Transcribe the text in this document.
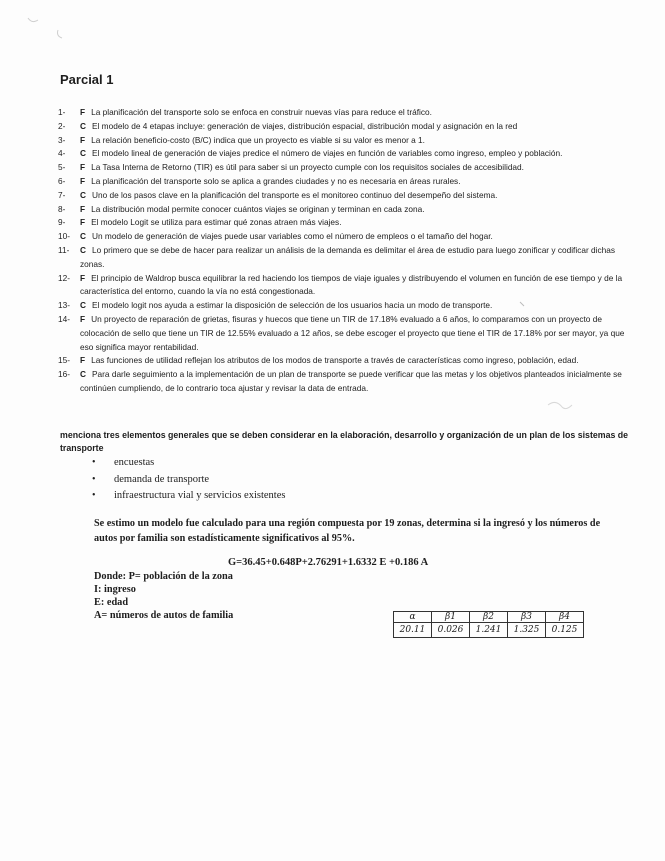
Parcial 1
1-	F La planificación del transporte solo se enfoca en construir nuevas vías para reduce el tráfico.
2-	C El modelo de 4 etapas incluye: generación de viajes, distribución espacial, distribución modal y asignación en la red
3-	F La relación beneficio-costo (B/C) indica que un proyecto es viable si su valor es menor a 1.
4-	C El modelo lineal de generación de viajes predice el número de viajes en función de variables como ingreso, empleo y población.
5-	F La Tasa Interna de Retorno (TIR) es útil para saber si un proyecto cumple con los requisitos sociales de accesibilidad.
6-	F La planificación del transporte solo se aplica a grandes ciudades y no es necesaria en áreas rurales.
7-	C Uno de los pasos clave en la planificación del transporte es el monitoreo continuo del desempeño del sistema.
8-	F La distribución modal permite conocer cuántos viajes se originan y terminan en cada zona.
9-	F El modelo Logit se utiliza para estimar qué zonas atraen más viajes.
10-	C Un modelo de generación de viajes puede usar variables como el número de empleos o el tamaño del hogar.
11-	C Lo primero que se debe de hacer para realizar un análisis de la demanda es delimitar el área de estudio para luego zonificar y codificar dichas zonas.
12-	F El principio de Waldrop busca equilibrar la red haciendo los tiempos de viaje iguales y distribuyendo el volumen en función de ese tiempo y de la característica del entorno, cuando la vía no está congestionada.
13-	C El modelo logit nos ayuda a estimar la disposición de selección de los usuarios hacia un modo de transporte.
14-	F Un proyecto de reparación de grietas, fisuras y huecos que tiene un TIR de 17.18% evaluado a 6 años, lo comparamos con un proyecto de colocación de sello que tiene un TIR de 12.55% evaluado a 12 años, se debe escoger el proyecto que tiene el TIR de 17.18% por ser mayor, ya que eso significa mayor rentabilidad.
15-	F Las funciones de utilidad reflejan los atributos de los modos de transporte a través de características como ingreso, población, edad.
16-	C Para darle seguimiento a la implementación de un plan de transporte se puede verificar que las metas y los objetivos planteados inicialmente se continúen cumpliendo, de lo contrario toca ajustar y revisar la data de entrada.
menciona tres elementos generales que se deben considerar en la elaboración, desarrollo y organización de un plan de los sistemas de transporte
•	encuestas
•	demanda de transporte
•	infraestructura vial y servicios existentes
Se estimo un modelo fue calculado para una región compuesta por 19 zonas, determina si la ingresó y los números de autos por familia son estadísticamente significativos al 95%.
G=36.45+0.648P+2.76291+1.6332 E +0.186 A
Donde: P= población de la zona
I: ingreso
E: edad
A= números de autos de familia	α	β1	β2	β3	β4
20.11	0.026	1.241	1.325	0.125
